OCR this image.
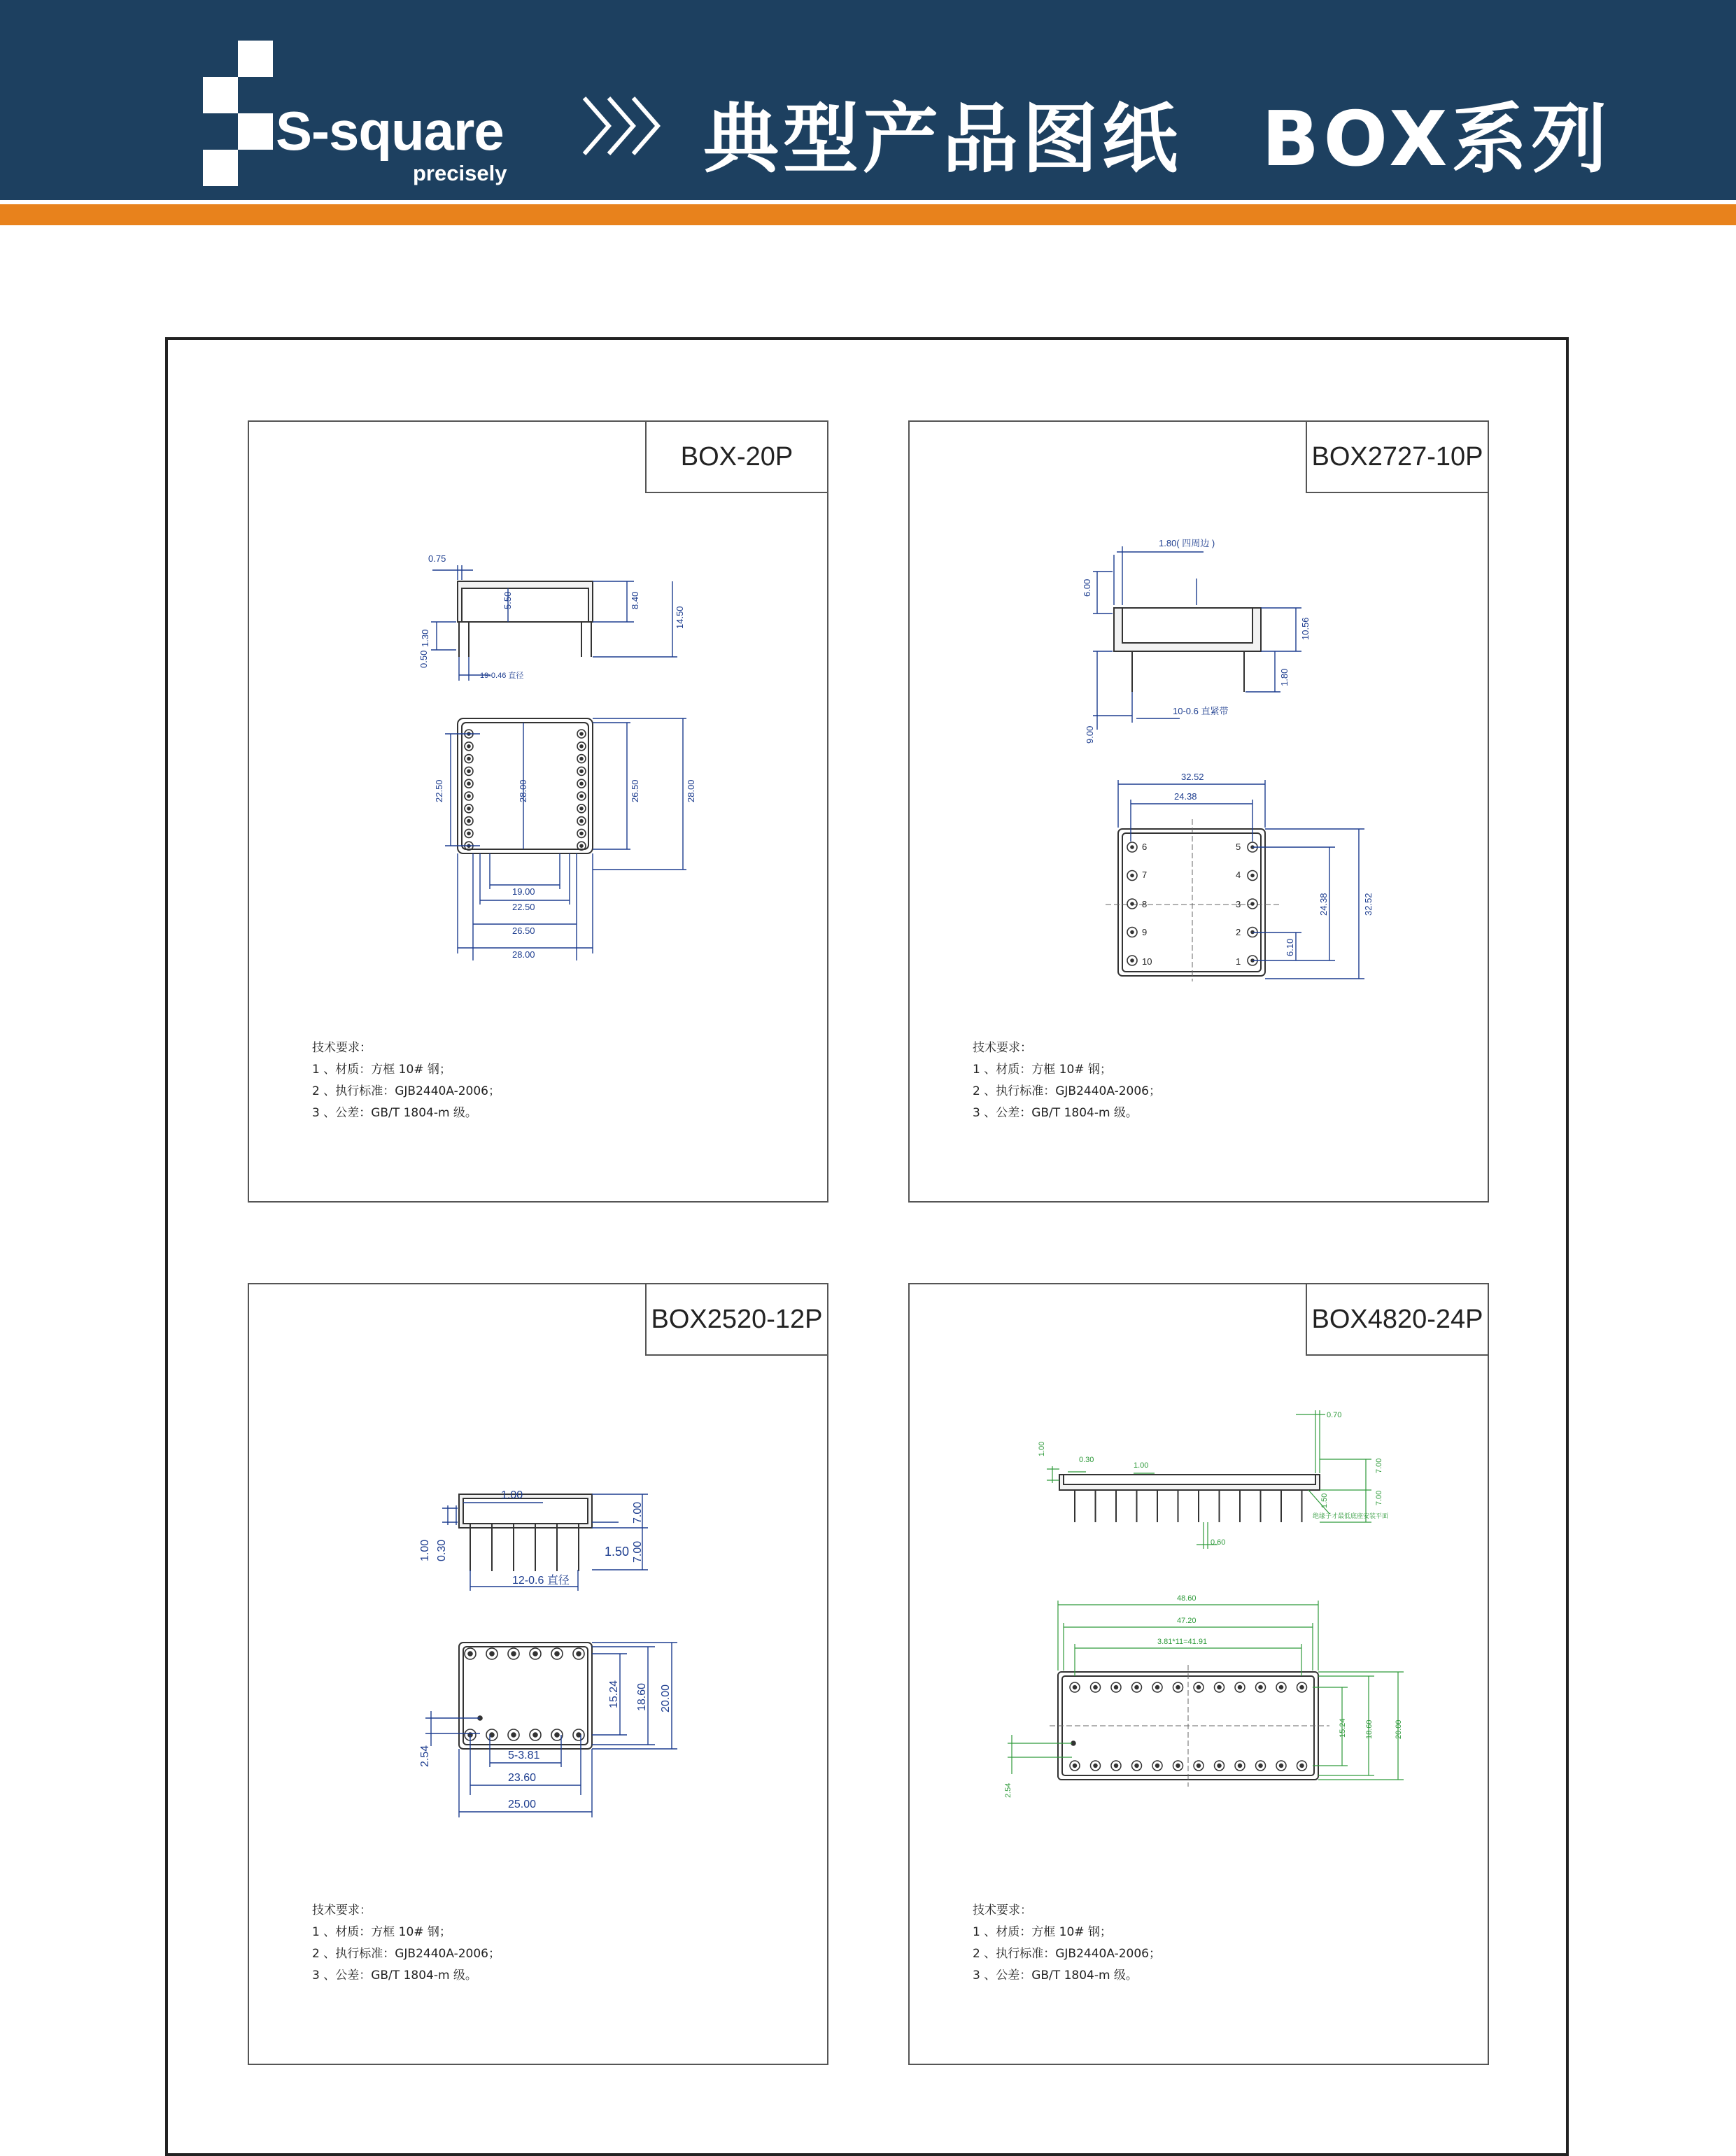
S-square
precisely	典型产品图纸　BOX系列
BOX-20P
0.75
5.50	8.40
14.50
1.30
0.50
19-0.46 直径
22.50	28.00	26.50	28.00
19.00
22.50
26.50
28.00
技术要求：
1 、材质：方框 10# 钢；
2 、执行标准：GJB2440A-2006；
3 、公差：GB/T 1804-m 级。
BOX2727-10P
1.80( 四周边 )
6.00
10.56
1.80
9.00
10-0.6 直紧带
6
7
8
9
10
5
4
3
2
1
32.52
24.38
32.52
24.38
6.10
技术要求：
1 、材质：方框 10# 钢；
2 、执行标准：GJB2440A-2006；
3 、公差：GB/T 1804-m 级。
BOX2520-12P
1.00
7.00
1.00 0.30	1.50 7.00
12-0.6 直径
15.24 18.60 20.00
2.54	5-3.81
23.60
25.00
技术要求：
1 、材质：方框 10# 钢；
2 、执行标准：GJB2440A-2006；
3 、公差：GB/T 1804-m 级。
BOX4820-24P
0.70
1.00
0.30
1.00	7.00
1.50	7.00
绝缘子才最低底座安装平面
0.60
48.60
47.20
3.81*11=41.91
15.24 18.60	20.00
2.54
技术要求：
1 、材质：方框 10# 钢；
2 、执行标准：GJB2440A-2006；
3 、公差：GB/T 1804-m 级。
